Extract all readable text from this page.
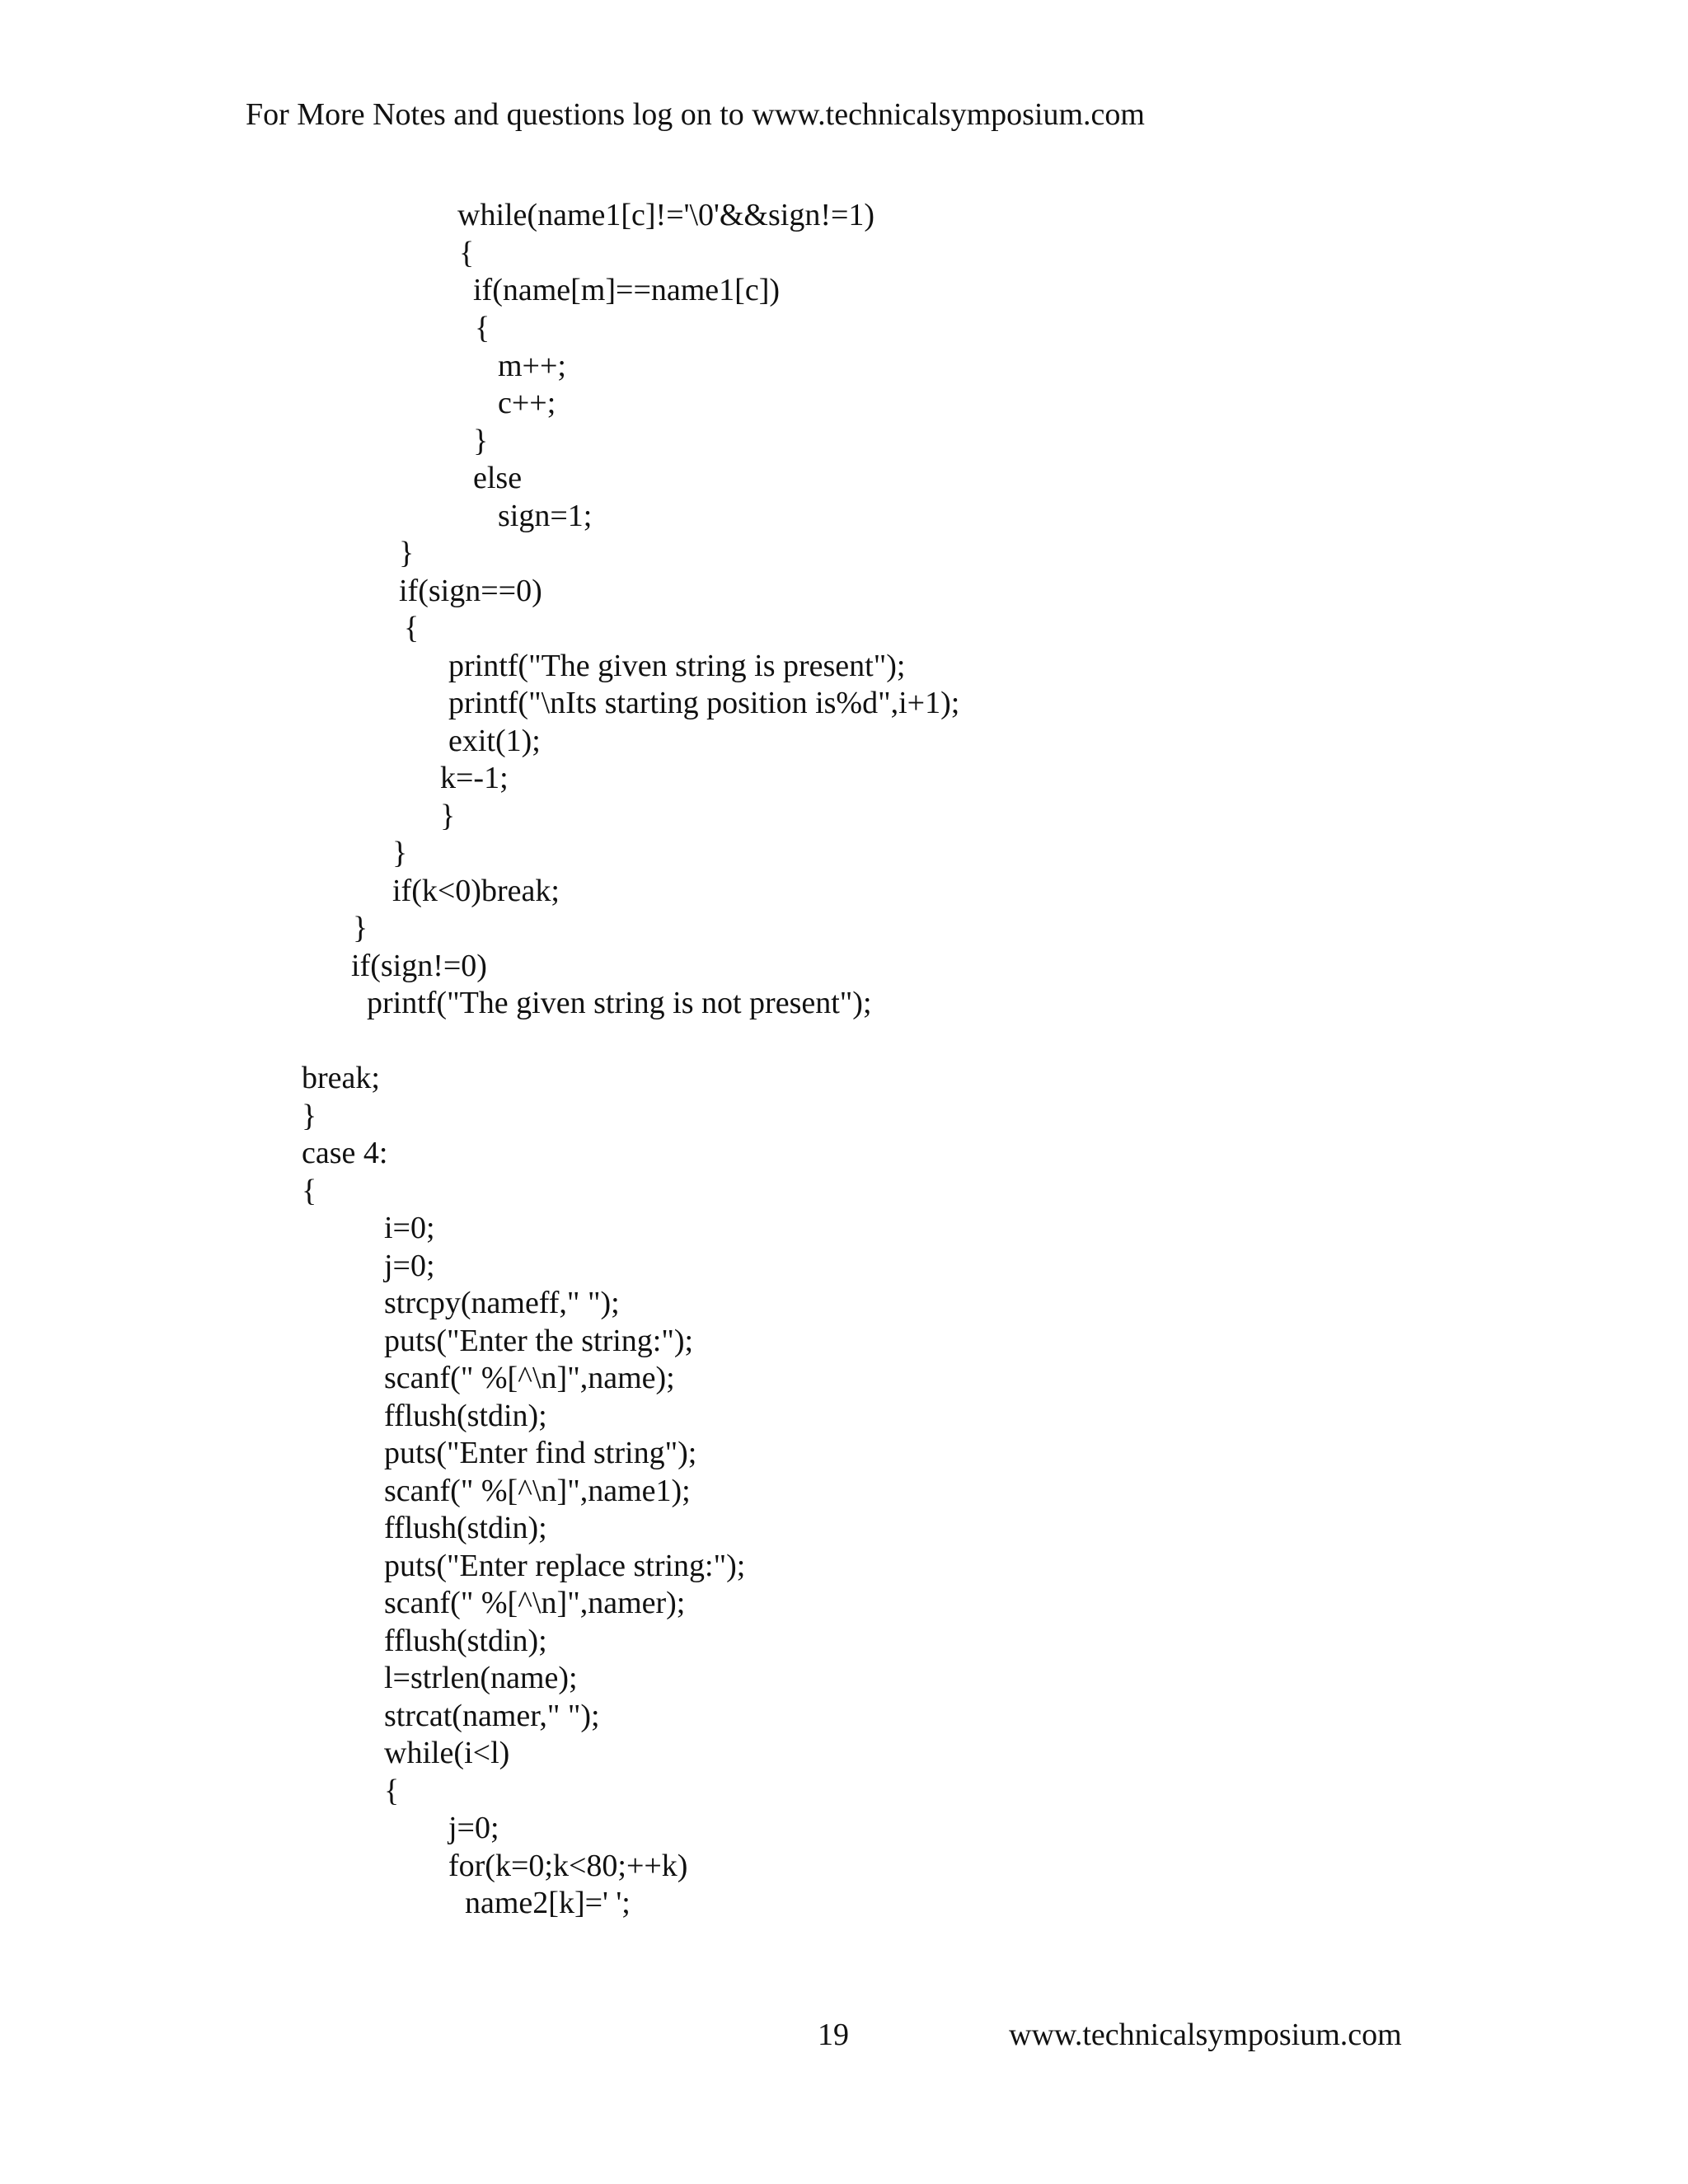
For More Notes and questions log on to www.technicalsymposium.com
while(name1[c]!='\0'&&sign!=1)
{
if(name[m]==name1[c])
{
m++;
c++;
}
else
sign=1;
}
if(sign==0)
{
printf("The given string is present");
printf("\nIts starting position is%d",i+1);
exit(1);
k=-1;
}
}
if(k<0)break;
}
if(sign!=0)
printf("The given string is not present");
break;
}
case 4:
{
i=0;
j=0;
strcpy(nameff," ");
puts("Enter the string:");
scanf(" %[^\n]",name);
fflush(stdin);
puts("Enter find string");
scanf(" %[^\n]",name1);
fflush(stdin);
puts("Enter replace string:");
scanf(" %[^\n]",namer);
fflush(stdin);
l=strlen(name);
strcat(namer," ");
while(i<l)
{
j=0;
for(k=0;k<80;++k)
name2[k]=' ';
19	www.technicalsymposium.com
